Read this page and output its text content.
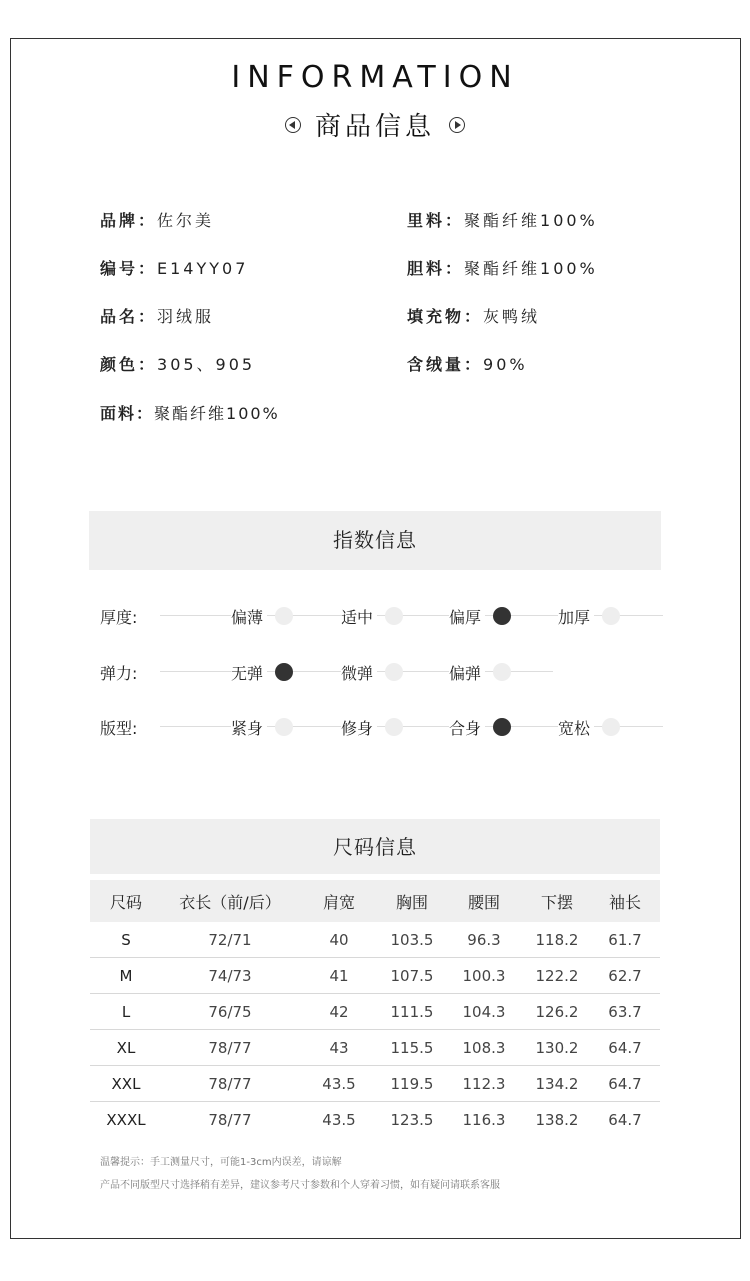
INFORMATION
商品信息
品牌：佐尔美
编号：E14YY07
品名：羽绒服
颜色：305、905
面料：聚酯纤维100%
里料：聚酯纤维100%
胆料：聚酯纤维100%
填充物：灰鸭绒
含绒量：90%
指数信息
厚度:	偏薄	适中	偏厚	加厚
弹力:	无弹	微弹	偏弹
版型:	紧身	修身	合身	宽松
尺码信息
尺码	衣长（前/后）	肩宽	胸围	腰围	下摆	袖长
S	72/71	40	103.5	96.3	118.2	61.7
M	74/73	41	107.5	100.3	122.2	62.7
L	76/75	42	111.5	104.3	126.2	63.7
XL	78/77	43	115.5	108.3	130.2	64.7
XXL	78/77	43.5	119.5	112.3	134.2	64.7
XXXL	78/77	43.5	123.5	116.3	138.2	64.7
温馨提示：手工测量尺寸，可能1-3cm内误差，请谅解
产品不同版型尺寸选择稍有差异，建议参考尺寸参数和个人穿着习惯，如有疑问请联系客服
